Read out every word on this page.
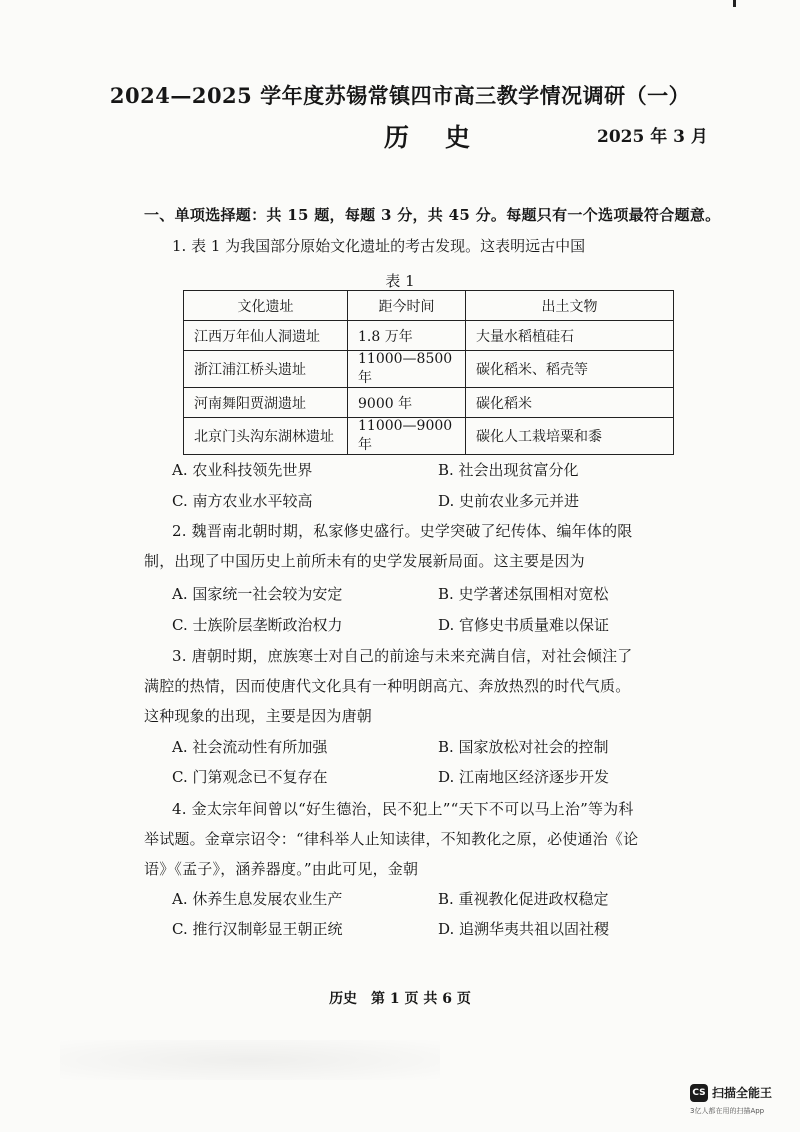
2024—2025 学年度苏锡常镇四市高三教学情况调研（一）
历史	2025 年 3 月
一、单项选择题：共 15 题，每题 3 分，共 45 分。每题只有一个选项最符合题意。
1. 表 1 为我国部分原始文化遗址的考古发现。这表明远古中国
表 1
文化遗址	距今时间	出土文物
江西万年仙人洞遗址	1.8 万年	大量水稻植硅石
浙江浦江桥头遗址	11000—8500 年	碳化稻米、稻壳等
河南舞阳贾湖遗址	9000 年	碳化稻米
北京门头沟东湖林遗址	11000—9000 年	碳化人工栽培粟和黍
A. 农业科技领先世界	B. 社会出现贫富分化
C. 南方农业水平较高	D. 史前农业多元并进
2. 魏晋南北朝时期，私家修史盛行。史学突破了纪传体、编年体的限制，出现了中国历史上前所未有的史学发展新局面。这主要是因为
A. 国家统一社会较为安定	B. 史学著述氛围相对宽松
C. 士族阶层垄断政治权力	D. 官修史书质量难以保证
3. 唐朝时期，庶族寒士对自己的前途与未来充满自信，对社会倾注了满腔的热情，因而使唐代文化具有一种明朗高亢、奔放热烈的时代气质。这种现象的出现，主要是因为唐朝
A. 社会流动性有所加强	B. 国家放松对社会的控制
C. 门第观念已不复存在	D. 江南地区经济逐步开发
4. 金太宗年间曾以“好生德治，民不犯上”“天下不可以马上治”等为科举试题。金章宗诏令：“律科举人止知读律，不知教化之原，必使通治《论语》《孟子》，涵养器度。”由此可见，金朝
A. 休养生息发展农业生产	B. 重视教化促进政权稳定
C. 推行汉制彰显王朝正统	D. 追溯华夷共祖以固社稷
历史　第 1 页 共 6 页
CS 扫描全能王
3亿人都在用的扫描App
